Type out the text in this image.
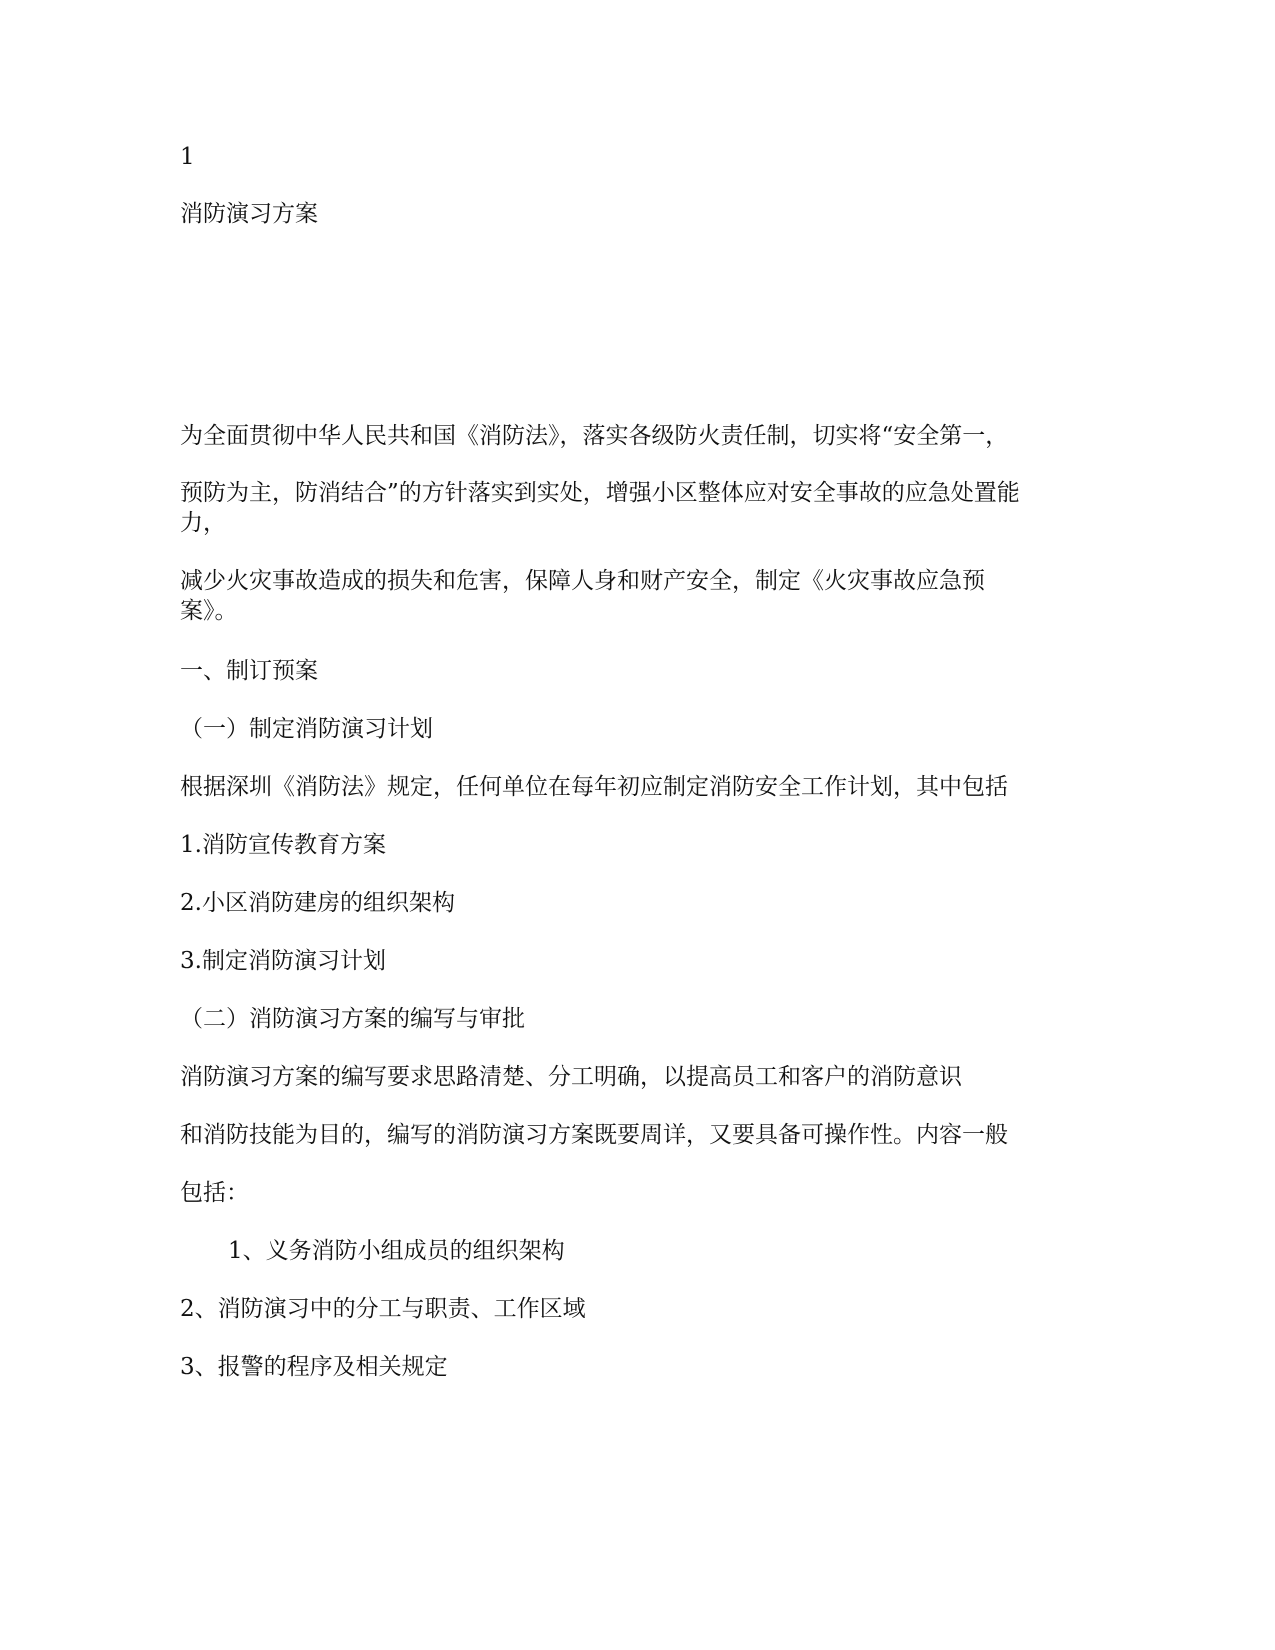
1

消防演习方案

为全面贯彻中华人民共和国《消防法》，落实各级防火责任制，切实将“安全第一，

预防为主，防消结合”的方针落实到实处，增强小区整体应对安全事故的应急处置能力，

减少火灾事故造成的损失和危害，保障人身和财产安全，制定《火灾事故应急预案》。

一、制订预案

（一）制定消防演习计划

根据深圳《消防法》规定，任何单位在每年初应制定消防安全工作计划，其中包括

1.消防宣传教育方案

2.小区消防建房的组织架构

3.制定消防演习计划

（二）消防演习方案的编写与审批

消防演习方案的编写要求思路清楚、分工明确，以提高员工和客户的消防意识

和消防技能为目的，编写的消防演习方案既要周详，又要具备可操作性。内容一般

包括：

1、义务消防小组成员的组织架构

2、消防演习中的分工与职责、工作区域

3、报警的程序及相关规定
